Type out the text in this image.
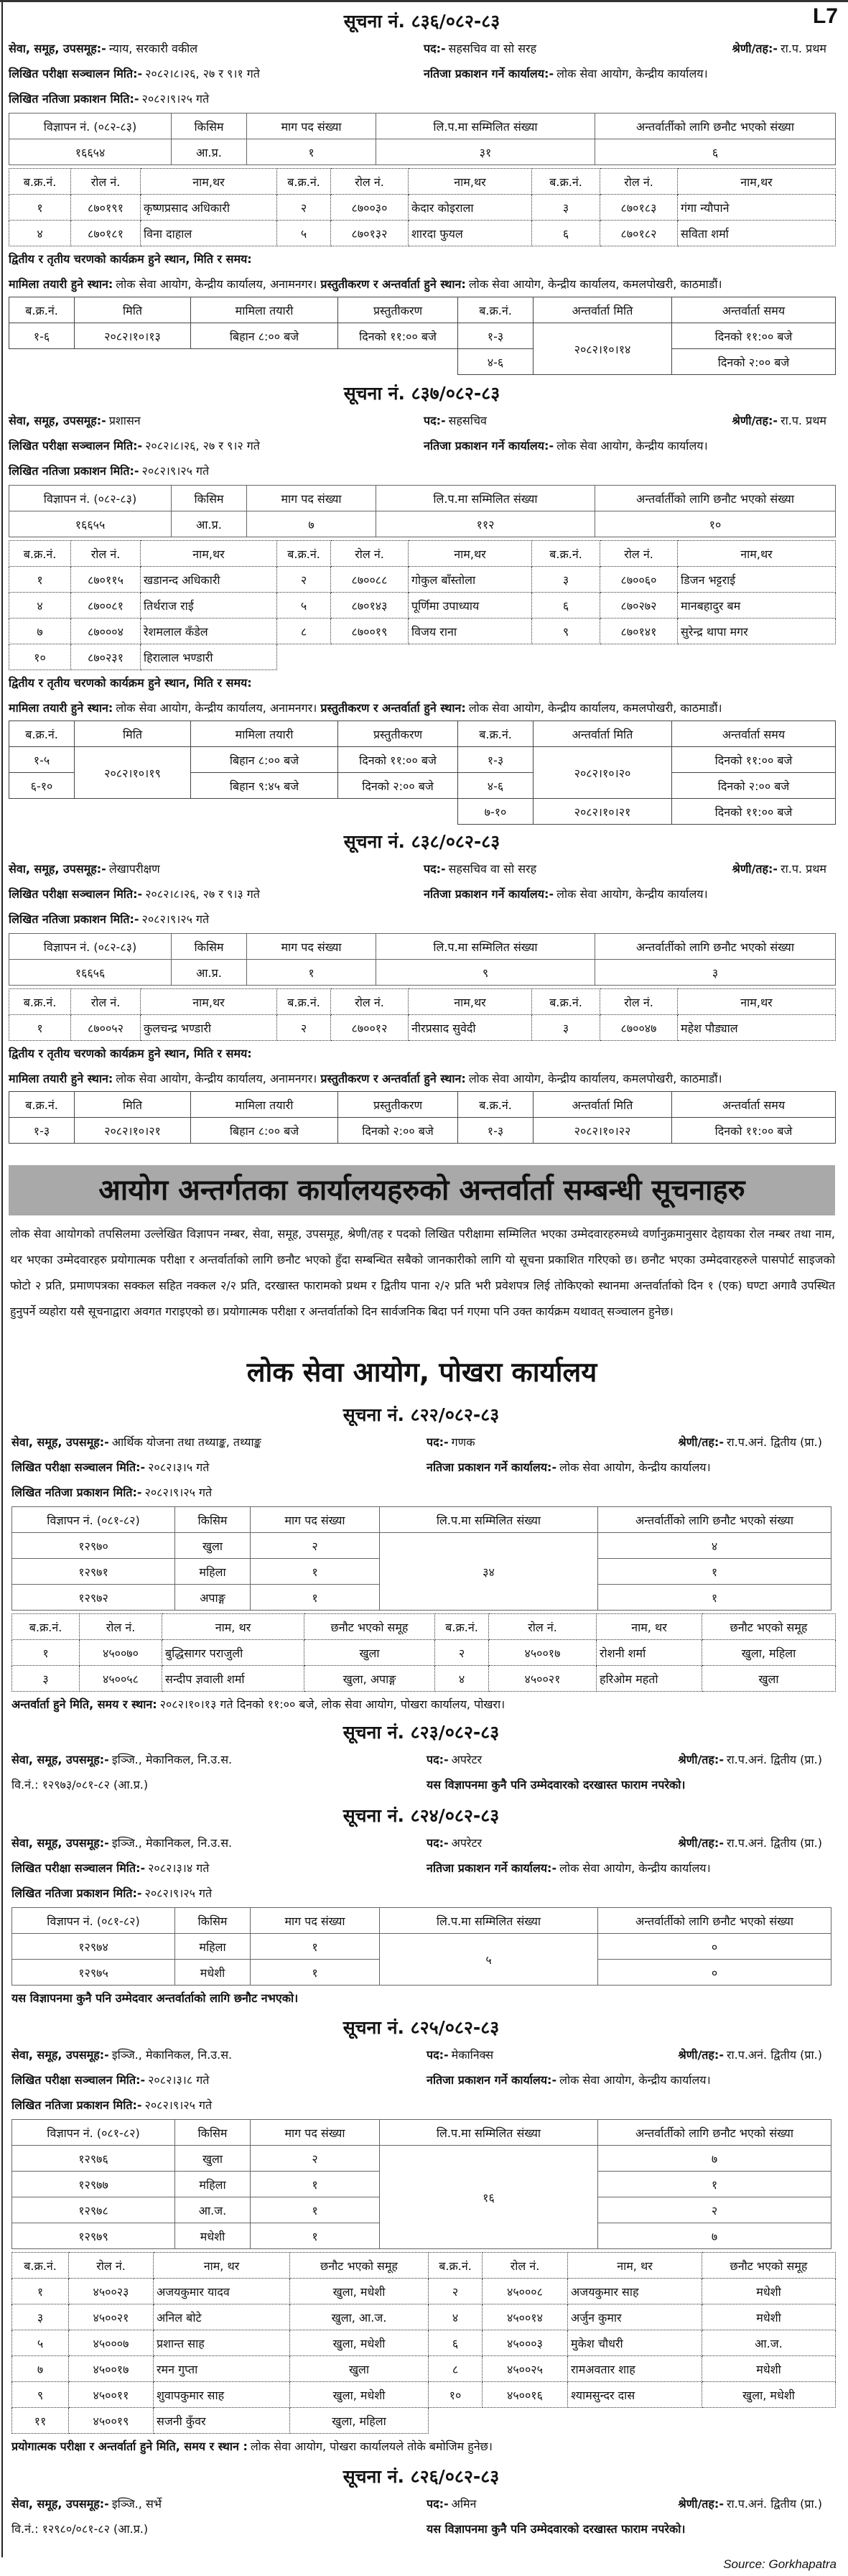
L7
सूचना नं. ८३६/०८२-८३
सेवा, समूह, उपसमूह:- न्याय, सरकारी वकील	पद:- सहसचिव वा सो सरह	श्रेणी/तह:- रा.प. प्रथम
लिखित परीक्षा सञ्चालन मिति:- २०८२।८।२६, २७ र ९।१ गते	नतिजा प्रकाशन गर्ने कार्यालय:- लोक सेवा आयोग, केन्द्रीय कार्यालय।
लिखित नतिजा प्रकाशन मिति:- २०८२।९।२५ गते
विज्ञापन नं. (०८२-८३)	किसिम	माग पद संख्या	लि.प.मा सम्मिलित संख्या	अन्तर्वार्तीको लागि छनौट भएको संख्या
१६६५४	आ.प्र.	१	३१	६
ब.क्र.नं.	रोल नं.	नाम,थर	ब.क्र.नं.	रोल नं.	नाम,थर	ब.क्र.नं.	रोल नं.	नाम,थर
१	८७०१९१	कृष्णप्रसाद अधिकारी	२	८७००३०	केदार कोइराला	३	८७०१८३	गंगा न्यौपाने
४	८७०१८१	विना दाहाल	५	८७०१३२	शारदा फुयल	६	८७०१८२	सविता शर्मा
द्वितीय र तृतीय चरणको कार्यक्रम हुने स्थान, मिति र समय:
मामिला तयारी हुने स्थान: लोक सेवा आयोग, केन्द्रीय कार्यालय, अनामनगर। प्रस्तुतीकरण र अन्तर्वार्ता हुने स्थान: लोक सेवा आयोग, केन्द्रीय कार्यालय, कमलपोखरी, काठमाडौं।
ब.क्र.नं.	मिति	मामिला तयारी	प्रस्तुतीकरण	ब.क्र.नं.	अन्तर्वार्ता मिति	अन्तर्वार्ता समय
१-६	२०८२।१०।१३	बिहान ८:०० बजे	दिनको ११:०० बजे	१-३	२०८२।१०।१४	दिनको ११:०० बजे
				४-६		दिनको २:०० बजे
सूचना नं. ८३७/०८२-८३
सेवा, समूह, उपसमूह:- प्रशासन	पद:- सहसचिव	श्रेणी/तह:- रा.प. प्रथम
लिखित परीक्षा सञ्चालन मिति:- २०८२।८।२६, २७ र ९।२ गते	नतिजा प्रकाशन गर्ने कार्यालय:- लोक सेवा आयोग, केन्द्रीय कार्यालय।
लिखित नतिजा प्रकाशन मिति:- २०८२।९।२५ गते
विज्ञापन नं. (०८२-८३)	किसिम	माग पद संख्या	लि.प.मा सम्मिलित संख्या	अन्तर्वार्तीको लागि छनौट भएको संख्या
१६६५५	आ.प्र.	७	११२	१०
ब.क्र.नं.	रोल नं.	नाम,थर	ब.क्र.नं.	रोल नं.	नाम,थर	ब.क्र.नं.	रोल नं.	नाम,थर
१	८७०११५	खडानन्द अधिकारी	२	८७००८८	गोकुल बाँस्तोला	३	८७००६०	डिजन भट्टराई
४	८७००८१	तिर्थराज राई	५	८७०१४३	पूर्णिमा उपाध्याय	६	८७०२७२	मानबहादुर बम
७	८७०००४	रेशमलाल कँडेल	८	८७००१९	विजय राना	९	८७०१४१	सुरेन्द्र थापा मगर
१०	८७०२३१	हिरालाल भण्डारी						
द्वितीय र तृतीय चरणको कार्यक्रम हुने स्थान, मिति र समय:
मामिला तयारी हुने स्थान: लोक सेवा आयोग, केन्द्रीय कार्यालय, अनामनगर। प्रस्तुतीकरण र अन्तर्वार्ता हुने स्थान: लोक सेवा आयोग, केन्द्रीय कार्यालय, कमलपोखरी, काठमाडौं।
ब.क्र.नं.	मिति	मामिला तयारी	प्रस्तुतीकरण	ब.क्र.नं.	अन्तर्वार्ता मिति	अन्तर्वार्ता समय
१-५	२०८२।१०।१९	बिहान ८:०० बजे	दिनको ११:०० बजे	१-३	२०८२।१०।२०	दिनको ११:०० बजे
६-१०		बिहान ९:४५ बजे	दिनको २:०० बजे	४-६		दिनको २:०० बजे
				७-१०	२०८२।१०।२१	दिनको ११:०० बजे
सूचना नं. ८३८/०८२-८३
सेवा, समूह, उपसमूह:- लेखापरीक्षण	पद:- सहसचिव वा सो सरह	श्रेणी/तह:- रा.प. प्रथम
लिखित परीक्षा सञ्चालन मिति:- २०८२।८।२६, २७ र ९।३ गते	नतिजा प्रकाशन गर्ने कार्यालय:- लोक सेवा आयोग, केन्द्रीय कार्यालय।
लिखित नतिजा प्रकाशन मिति:- २०८२।९।२५ गते
विज्ञापन नं. (०८२-८३)	किसिम	माग पद संख्या	लि.प.मा सम्मिलित संख्या	अन्तर्वार्तीको लागि छनौट भएको संख्या
१६६५६	आ.प्र.	१	९	३
ब.क्र.नं.	रोल नं.	नाम,थर	ब.क्र.नं.	रोल नं.	नाम,थर	ब.क्र.नं.	रोल नं.	नाम,थर
१	८७००५२	कुलचन्द्र भण्डारी	२	८७००१२	नीरप्रसाद सुवेदी	३	८७००४७	महेश पौड्याल
द्वितीय र तृतीय चरणको कार्यक्रम हुने स्थान, मिति र समय:
मामिला तयारी हुने स्थान: लोक सेवा आयोग, केन्द्रीय कार्यालय, अनामनगर। प्रस्तुतीकरण र अन्तर्वार्ता हुने स्थान: लोक सेवा आयोग, केन्द्रीय कार्यालय, कमलपोखरी, काठमाडौं।
ब.क्र.नं.	मिति	मामिला तयारी	प्रस्तुतीकरण	ब.क्र.नं.	अन्तर्वार्ता मिति	अन्तर्वार्ता समय
१-३	२०८२।१०।२१	बिहान ८:०० बजे	दिनको २:०० बजे	१-३	२०८२।१०।२२	दिनको ११:०० बजे
सूचना नं. ८२२/०८२-८३
सेवा, समूह, उपसमूह:- आर्थिक योजना तथा तथ्याङ्क, तथ्याङ्क	पद:- गणक	श्रेणी/तह:- रा.प.अनं. द्वितीय (प्रा.)
लिखित परीक्षा सञ्चालन मिति:- २०८२।३।५ गते	नतिजा प्रकाशन गर्ने कार्यालय:- लोक सेवा आयोग, केन्द्रीय कार्यालय।
लिखित नतिजा प्रकाशन मिति:- २०८२।९।२५ गते
विज्ञापन नं. (०८१-८२)	किसिम	माग पद संख्या	लि.प.मा सम्मिलित संख्या	अन्तर्वार्तीको लागि छनौट भएको संख्या
१२९७०	खुला	२	३४	४
१२९७१	महिला	१		१
१२९७२	अपाङ्ग	१		१
ब.क्र.नं.	रोल नं.	नाम, थर	छनौट भएको समूह	ब.क्र.नं.	रोल नं.	नाम, थर	छनौट भएको समूह
१	४५००७०	बुद्धिसागर पराजुली	खुला	२	४५००१७	रोशनी शर्मा	खुला, महिला
३	४५००५८	सन्दीप ज्ञवाली शर्मा	खुला, अपाङ्ग	४	४५००२१	हरिओम महतो	खुला
अन्तर्वार्ता हुने मिति, समय र स्थान: २०८२।१०।१३ गते दिनको ११:०० बजे, लोक सेवा आयोग, पोखरा कार्यालय, पोखरा।
सूचना नं. ८२३/०८२-८३
सेवा, समूह, उपसमूह:- इञ्जि., मेकानिकल, नि.उ.स.	पद:- अपरेटर	श्रेणी/तह:- रा.प.अनं. द्वितीय (प्रा.)
वि.नं.: १२९७३/०८१-८२ (आ.प्र.)	यस विज्ञापनमा कुनै पनि उम्मेदवारको दरखास्त फाराम नपरेको।
सूचना नं. ८२४/०८२-८३
सेवा, समूह, उपसमूह:- इञ्जि., मेकानिकल, नि.उ.स.	पद:- अपरेटर	श्रेणी/तह:- रा.प.अनं. द्वितीय (प्रा.)
लिखित परीक्षा सञ्चालन मिति:- २०८२।३।४ गते	नतिजा प्रकाशन गर्ने कार्यालय:- लोक सेवा आयोग, केन्द्रीय कार्यालय।
लिखित नतिजा प्रकाशन मिति:- २०८२।९।२५ गते
विज्ञापन नं. (०८१-८२)	किसिम	माग पद संख्या	लि.प.मा सम्मिलित संख्या	अन्तर्वार्तीको लागि छनौट भएको संख्या
१२९७४	महिला	१	५	०
१२९७५	मधेशी	१		०
यस विज्ञापनमा कुनै पनि उम्मेदवार अन्तर्वार्ताको लागि छनौट नभएको।
सूचना नं. ८२५/०८२-८३
सेवा, समूह, उपसमूह:- इञ्जि., मेकानिकल, नि.उ.स.	पद:- मेकानिक्स	श्रेणी/तह:- रा.प.अनं. द्वितीय (प्रा.)
लिखित परीक्षा सञ्चालन मिति:- २०८२।३।८ गते	नतिजा प्रकाशन गर्ने कार्यालय:- लोक सेवा आयोग, केन्द्रीय कार्यालय।
लिखित नतिजा प्रकाशन मिति:- २०८२।९।२५ गते
विज्ञापन नं. (०८१-८२)	किसिम	माग पद संख्या	लि.प.मा सम्मिलित संख्या	अन्तर्वार्तीको लागि छनौट भएको संख्या
१२९७६	खुला	२	१६	७
१२९७७	महिला	१		१
१२९७८	आ.ज.	१		२
१२९७९	मधेशी	१		७
ब.क्र.नं.	रोल नं.	नाम, थर	छनौट भएको समूह	ब.क्र.नं.	रोल नं.	नाम, थर	छनौट भएको समूह
१	४५००२३	अजयकुमार यादव	खुला, मधेशी	२	४५०००८	अजयकुमार साह	मधेशी
३	४५००२१	अनिल बोटे	खुला, आ.ज.	४	४५००१४	अर्जुन कुमार	मधेशी
५	४५०००७	प्रशान्त साह	खुला, मधेशी	६	४५०००३	मुकेश चौधरी	आ.ज.
७	४५००१७	रमन गुप्ता	खुला	८	४५००२५	रामअवतार शाह	मधेशी
९	४५००११	शुवापकुमार साह	खुला, मधेशी	१०	४५००१६	श्यामसुन्दर दास	खुला, मधेशी
११	४५००१९	सजनी कुँवर	खुला, महिला				
प्रयोगात्मक परीक्षा र अन्तर्वार्ता हुने मिति, समय र स्थान : लोक सेवा आयोग, पोखरा कार्यालयले तोके बमोजिम हुनेछ।
सूचना नं. ८२६/०८२-८३
सेवा, समूह, उपसमूह:- इञ्जि., सर्भे	पद:- अमिन	श्रेणी/तह:- रा.प.अनं. द्वितीय (प्रा.)
वि.नं.: १२९८०/०८१-८२ (आ.प्र.)	यस विज्ञापनमा कुनै पनि उम्मेदवारको दरखास्त फाराम नपरेको।
आयोग अन्तर्गतका कार्यालयहरुको अन्तर्वार्ता सम्बन्धी सूचनाहरु
लोक सेवा आयोगको तपसिलमा उल्लेखित विज्ञापन नम्बर, सेवा, समूह, उपसमूह, श्रेणी/तह र पदको लिखित परीक्षामा सम्मिलित भएका उम्मेदवारहरुमध्ये वर्णानुक्रमानुसार देहायका रोल नम्बर तथा नाम, थर भएका उम्मेदवारहरु प्रयोगात्मक परीक्षा र अन्तर्वार्ताको लागि छनौट भएको हुँदा सम्बन्धित सबैको जानकारीको लागि यो सूचना प्रकाशित गरिएको छ। छनौट भएका उम्मेदवारहरुले पासपोर्ट साइजको फोटो २ प्रति, प्रमाणपत्रका सक्कल सहित नक्कल २/२ प्रति, दरखास्त फारामको प्रथम र द्वितीय पाना २/२ प्रति भरी प्रवेशपत्र लिई तोकिएको स्थानमा अन्तर्वार्ताको दिन १ (एक) घण्टा अगावै उपस्थित हुनुपर्ने व्यहोरा यसै सूचनाद्वारा अवगत गराइएको छ। प्रयोगात्मक परीक्षा र अन्तर्वार्ताको दिन सार्वजनिक बिदा पर्न गएमा पनि उक्त कार्यक्रम यथावत् सञ्चालन हुनेछ।
लोक सेवा आयोग, पोखरा कार्यालय
Source: Gorkhapatra
